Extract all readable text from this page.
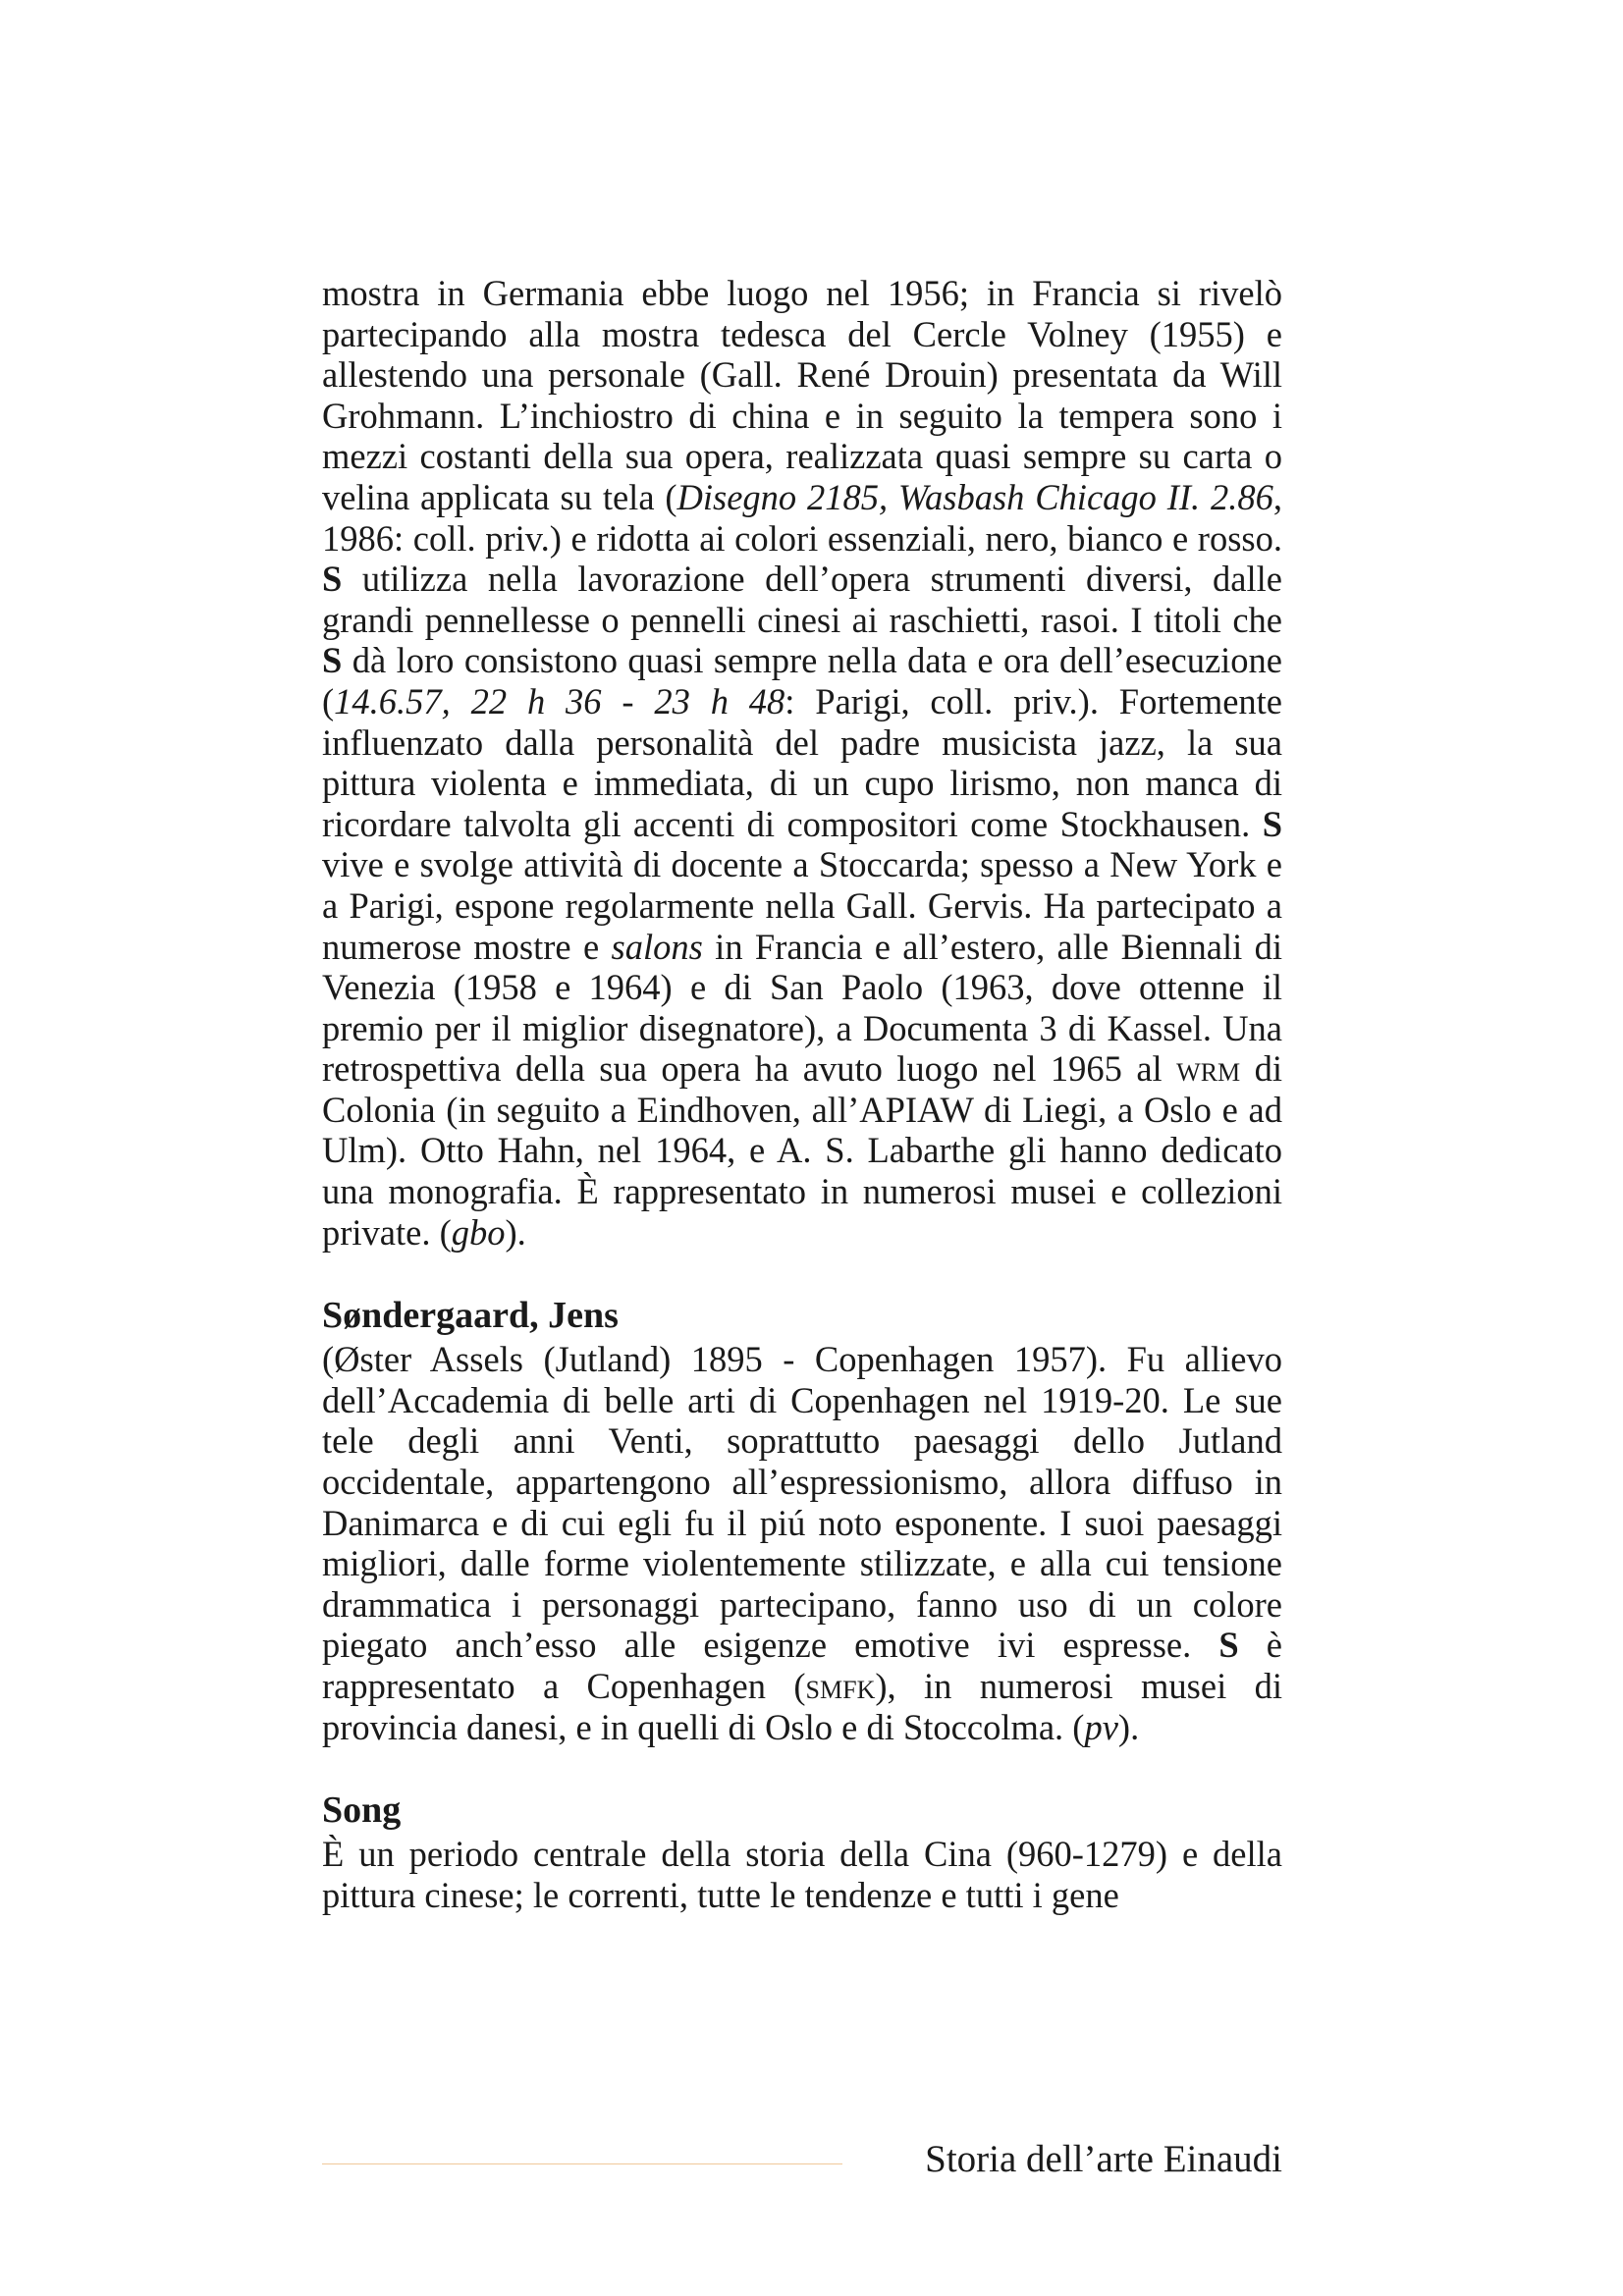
mostra in Germania ebbe luogo nel 1956; in Francia si rivelò partecipando alla mostra tedesca del Cercle Volney (1955) e allestendo una personale (Gall. René Drouin) presentata da Will Grohmann. L’inchiostro di china e in seguito la tempera sono i mezzi costanti della sua opera, realizzata quasi sempre su carta o velina applicata su tela (Disegno 2185, Wasbash Chicago II. 2.86, 1986: coll. priv.) e ridotta ai colori essenziali, nero, bianco e rosso. S utilizza nella lavorazione dell’opera strumenti diversi, dalle grandi pennellesse o pennelli cinesi ai raschietti, rasoi. I titoli che S dà loro consistono quasi sempre nella data e ora dell’esecuzione (14.6.57, 22 h 36 - 23 h 48: Parigi, coll. priv.). Fortemente influenzato dalla personalità del padre musicista jazz, la sua pittura violenta e immediata, di un cupo lirismo, non manca di ricordare talvolta gli accenti di compositori come Stockhausen. S vive e svolge attività di docente a Stoccarda; spesso a New York e a Parigi, espone regolarmente nella Gall. Gervis. Ha partecipato a numerose mostre e salons in Francia e all’estero, alle Biennali di Venezia (1958 e 1964) e di San Paolo (1963, dove ottenne il premio per il miglior disegnatore), a Documenta 3 di Kassel. Una retrospettiva della sua opera ha avuto luogo nel 1965 al wrm di Colonia (in seguito a Eindhoven, all’APIAW di Liegi, a Oslo e ad Ulm). Otto Hahn, nel 1964, e A. S. Labarthe gli hanno dedicato una monografia. È rappresentato in numerosi musei e collezioni private. (gbo).

Søndergaard, Jens

(Øster Assels (Jutland) 1895 - Copenhagen 1957). Fu allievo dell’Accademia di belle arti di Copenhagen nel 1919-20. Le sue tele degli anni Venti, soprattutto paesaggi dello Jutland occidentale, appartengono all’espressionismo, allora diffuso in Danimarca e di cui egli fu il piú noto esponente. I suoi paesaggi migliori, dalle forme violentemente stilizzate, e alla cui tensione drammatica i personaggi partecipano, fanno uso di un colore piegato anch’esso alle esigenze emotive ivi espresse. S è rappresentato a Copenhagen (smfk), in numerosi musei di provincia danesi, e in quelli di Oslo e di Stoccolma. (pv).

Song

È un periodo centrale della storia della Cina (960-1279) e della pittura cinese; le correnti, tutte le tendenze e tutti i gene

Storia dell’arte Einaudi
